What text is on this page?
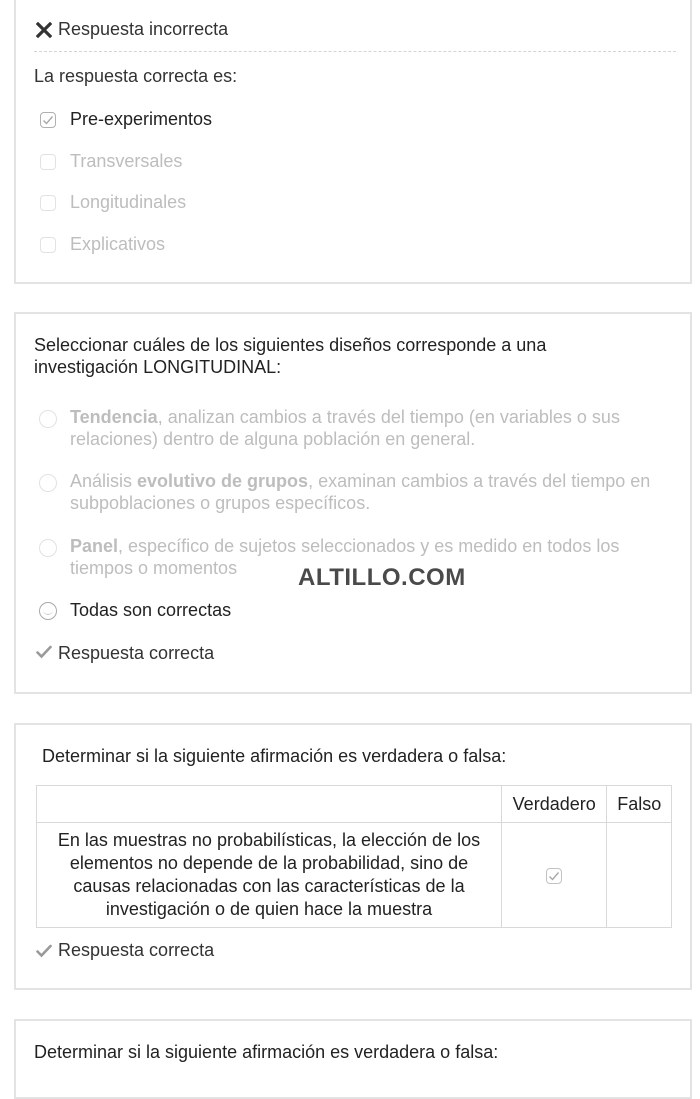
Respuesta incorrecta
La respuesta correcta es:
Pre-experimentos
Transversales
Longitudinales
Explicativos
Seleccionar cuáles de los siguientes diseños corresponde a una investigación LONGITUDINAL:
Tendencia, analizan cambios a través del tiempo (en variables o sus relaciones) dentro de alguna población en general.
Análisis evolutivo de grupos, examinan cambios a través del tiempo en subpoblaciones o grupos específicos.
Panel, específico de sujetos seleccionados y es medido en todos los tiempos o momentos
Todas son correctas
Respuesta correcta
ALTILLO.COM
Determinar si la siguiente afirmación es verdadera o falsa:
	Verdadero	Falso
En las muestras no probabilísticas, la elección de los elementos no depende de la probabilidad, sino de causas relacionadas con las características de la investigación o de quien hace la muestra	

Respuesta correcta
Determinar si la siguiente afirmación es verdadera o falsa:
